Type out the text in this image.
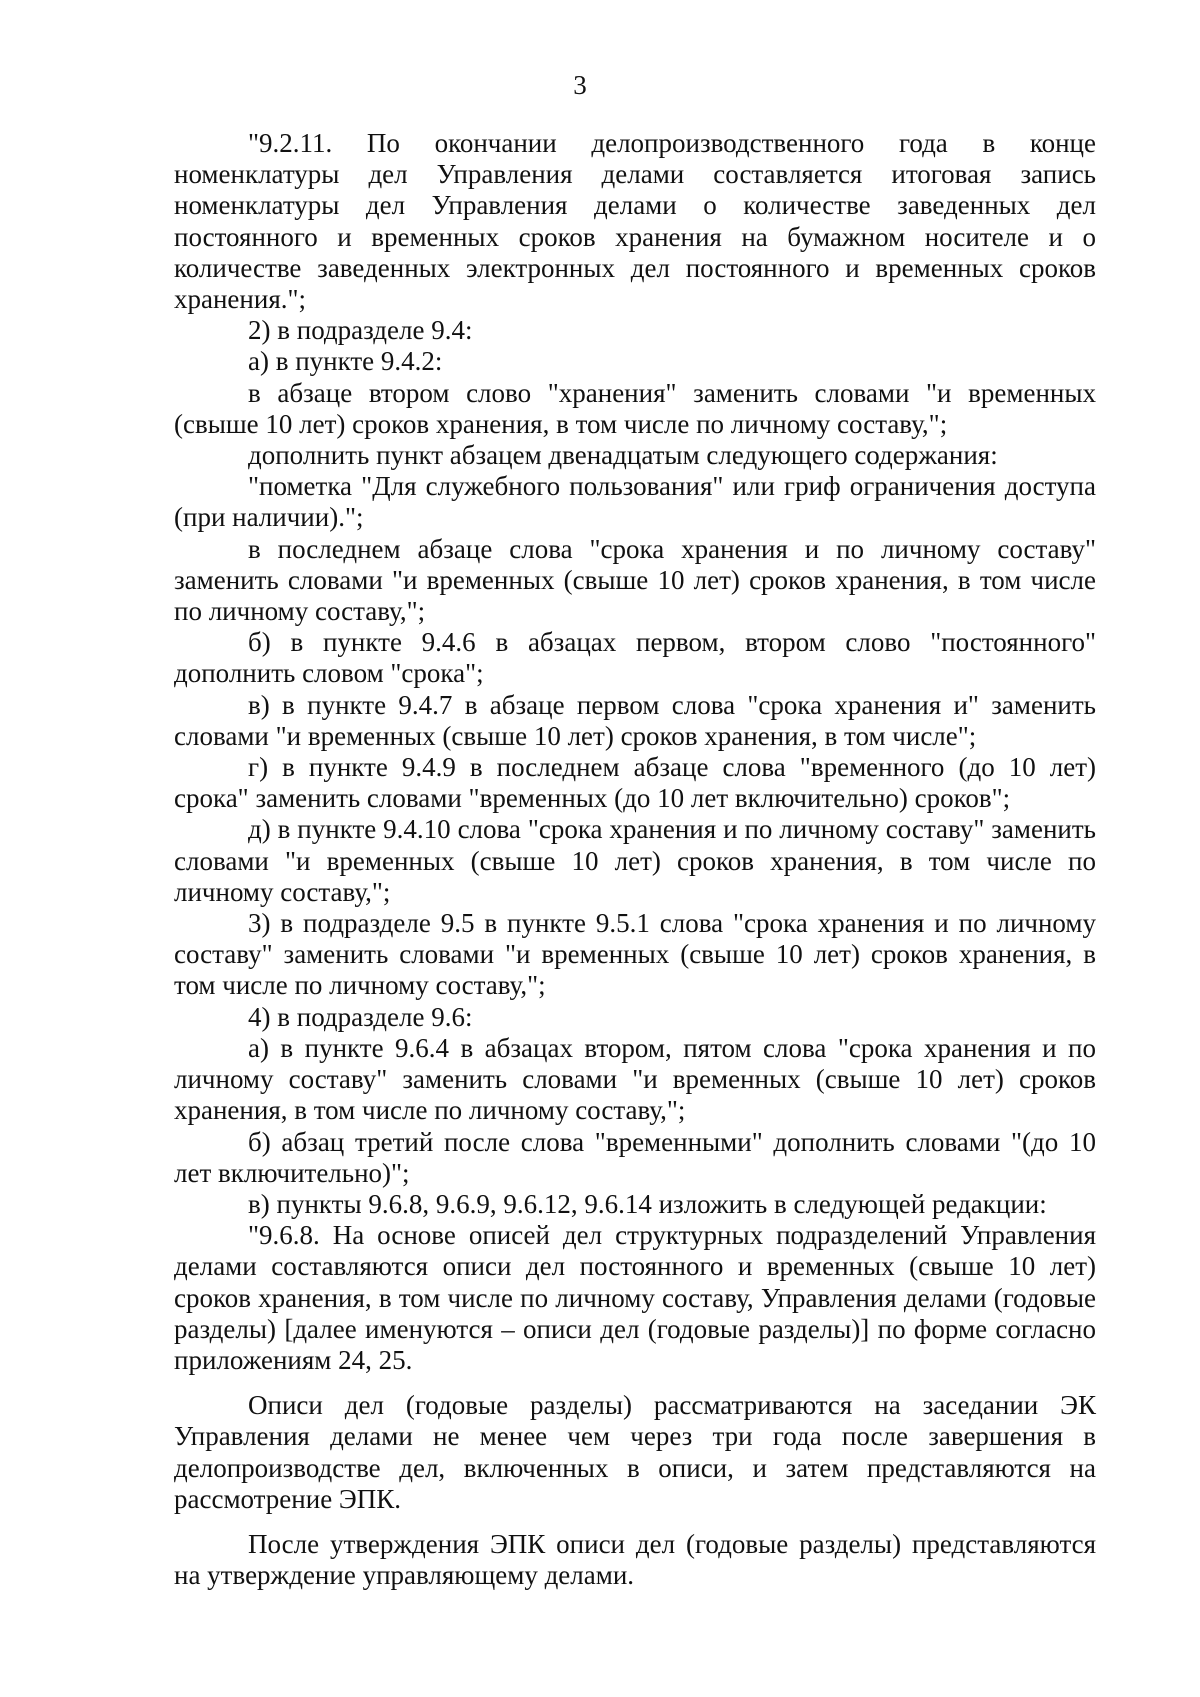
3

"9.2.11. По окончании делопроизводственного года в конце номенклатуры дел Управления делами составляется итоговая запись номенклатуры дел Управления делами о количестве заведенных дел постоянного и временных сроков хранения на бумажном носителе и о количестве заведенных электронных дел постоянного и временных сроков хранения.";

2) в подразделе 9.4:

а) в пункте 9.4.2:

в абзаце втором слово "хранения" заменить словами "и временных (свыше 10 лет) сроков хранения, в том числе по личному составу,";

дополнить пункт абзацем двенадцатым следующего содержания:

"пометка "Для служебного пользования" или гриф ограничения доступа (при наличии).";

в последнем абзаце слова "срока хранения и по личному составу" заменить словами "и временных (свыше 10 лет) сроков хранения, в том числе по личному составу,";

б) в пункте 9.4.6 в абзацах первом, втором слово "постоянного" дополнить словом "срока";

в) в пункте 9.4.7 в абзаце первом слова "срока хранения и" заменить словами "и временных (свыше 10 лет) сроков хранения, в том числе";

г) в пункте 9.4.9 в последнем абзаце слова "временного (до 10 лет) срока" заменить словами "временных (до 10 лет включительно) сроков";

д) в пункте 9.4.10 слова "срока хранения и по личному составу" заменить словами "и временных (свыше 10 лет) сроков хранения, в том числе по личному составу,";

3) в подразделе 9.5 в пункте 9.5.1 слова "срока хранения и по личному составу" заменить словами "и временных (свыше 10 лет) сроков хранения, в том числе по личному составу,";

4) в подразделе 9.6:

а) в пункте 9.6.4 в абзацах втором, пятом слова "срока хранения и по личному составу" заменить словами "и временных (свыше 10 лет) сроков хранения, в том числе по личному составу,";

б) абзац третий после слова "временными" дополнить словами "(до 10 лет включительно)";

в) пункты 9.6.8, 9.6.9, 9.6.12, 9.6.14 изложить в следующей редакции:

"9.6.8. На основе описей дел структурных подразделений Управления делами составляются описи дел постоянного и временных (свыше 10 лет) сроков хранения, в том числе по личному составу, Управления делами (годовые разделы) [далее именуются – описи дел (годовые разделы)] по форме согласно приложениям 24, 25.

Описи дел (годовые разделы) рассматриваются на заседании ЭК Управления делами не менее чем через три года после завершения в делопроизводстве дел, включенных в описи, и затем представляются на рассмотрение ЭПК.

После утверждения ЭПК описи дел (годовые разделы) представляются на утверждение управляющему делами.
